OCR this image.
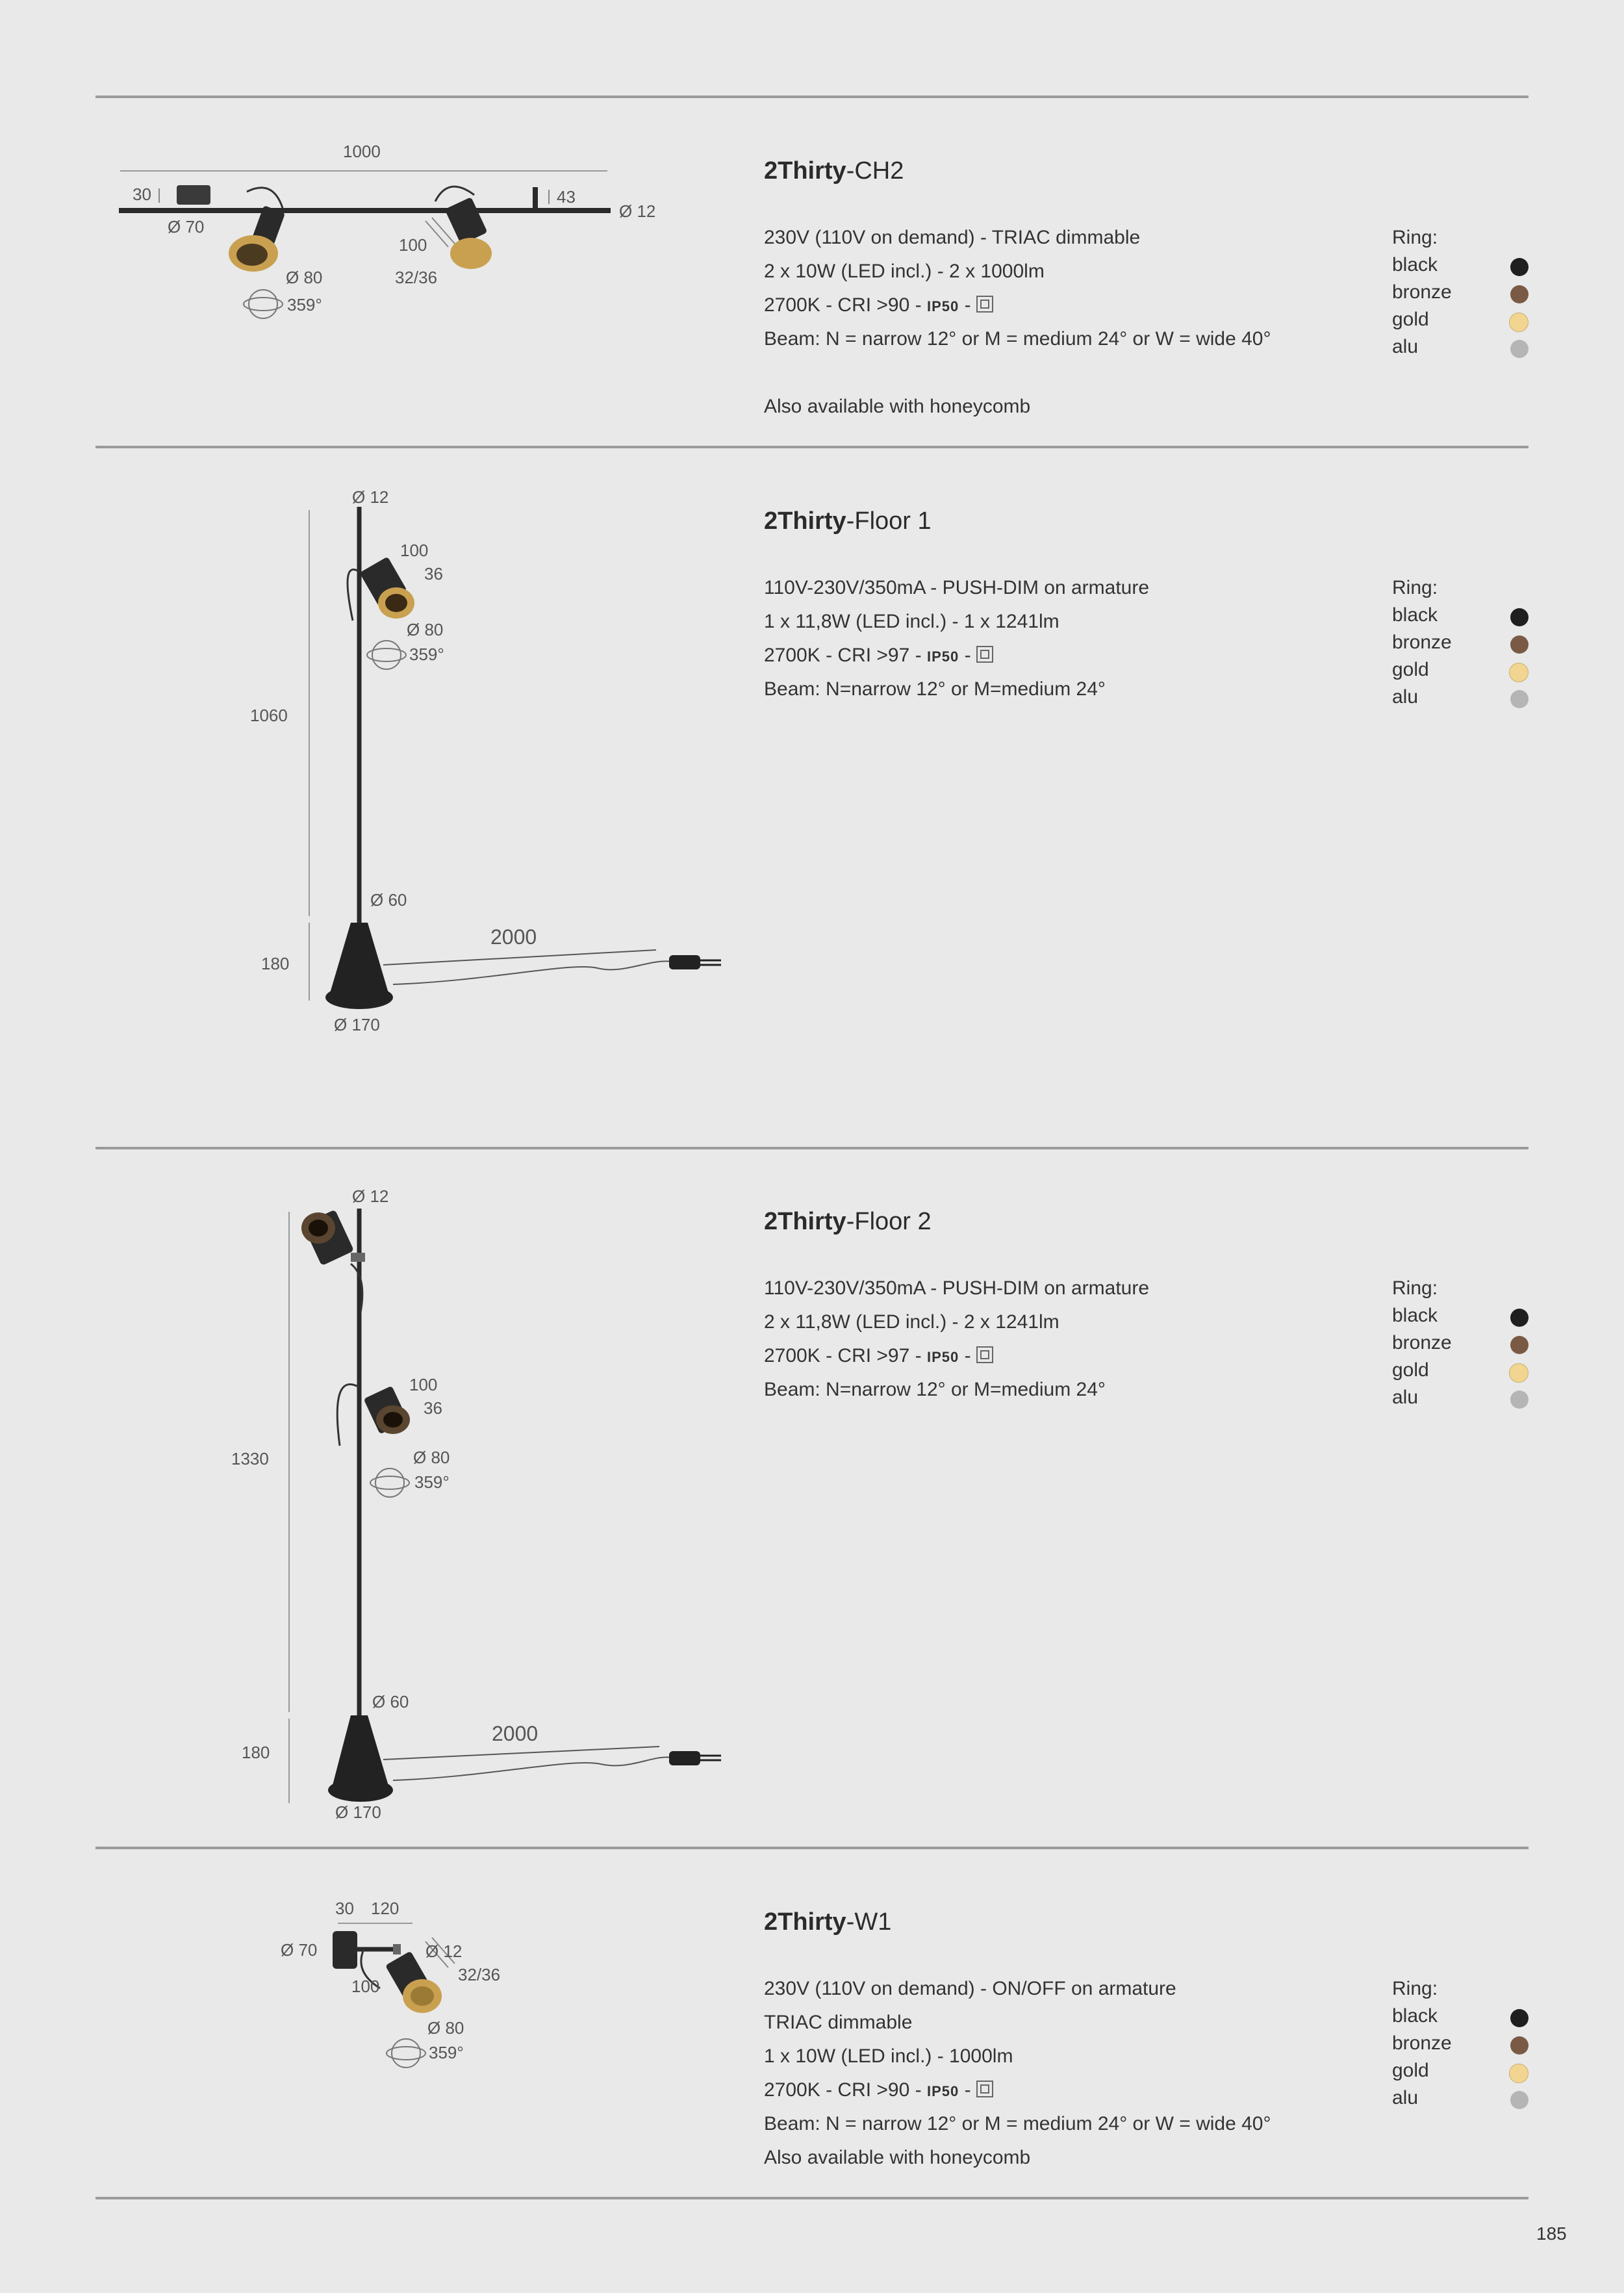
1000
30	43
Ø 12
Ø 70
100
32/36
Ø 80
359°
2Thirty-CH2
230V (110V on demand) - TRIAC dimmable
2 x 10W (LED incl.) - 2 x 1000lm
2700K - CRI >90 - IP50 -
Beam: N = narrow 12° or M = medium 24° or W = wide 40°
Also available with honeycomb
Ring:
black
bronze
gold
alu
Ø 12
100
36
Ø 80
359°
1060
Ø 60
2000
180
Ø 170
2Thirty-Floor 1
110V-230V/350mA - PUSH-DIM on armature
1 x 11,8W (LED incl.) - 1 x 1241lm
2700K - CRI >97 - IP50 -
Beam: N=narrow 12° or M=medium 24°
Ring:
black
bronze
gold
alu
Ø 12
100
36
1330	Ø 80
359°
Ø 60
2000
180
Ø 170
2Thirty-Floor 2
110V-230V/350mA - PUSH-DIM on armature
2 x 11,8W (LED incl.) - 2 x 1241lm
2700K - CRI >97 - IP50 -
Beam: N=narrow 12° or M=medium 24°
Ring:
black
bronze
gold
alu
30 120
Ø 70	Ø 12
32/36
100
Ø 80
359°
2Thirty-W1
230V (110V on demand) - ON/OFF on armature
TRIAC dimmable
1 x 10W (LED incl.) - 1000lm
2700K - CRI >90 - IP50 -
Beam: N = narrow 12° or M = medium 24° or W = wide 40°
Also available with honeycomb
Ring:
black
bronze
gold
alu
185
